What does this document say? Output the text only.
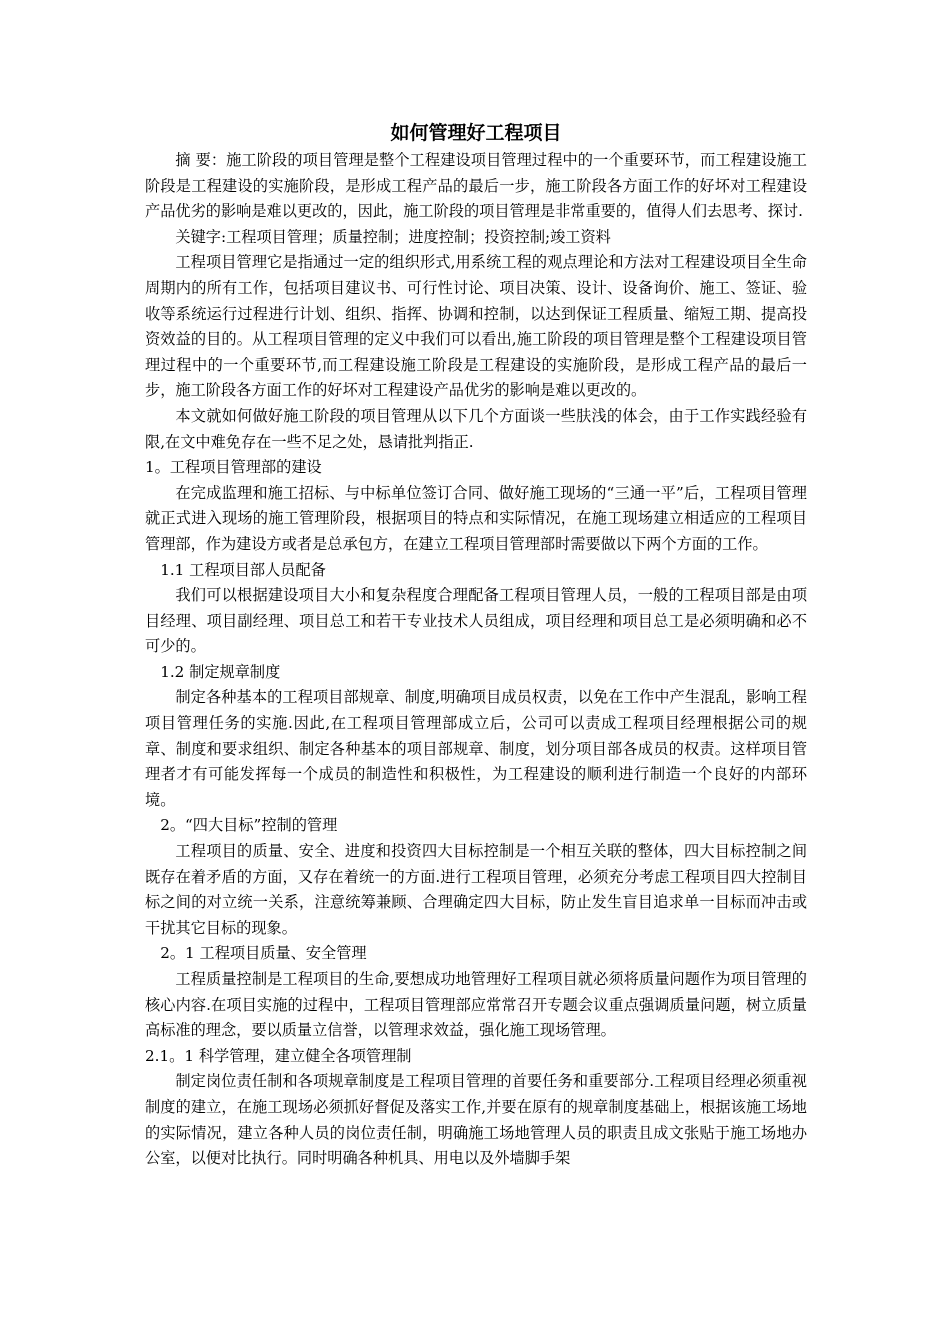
如何管理好工程项目

摘 要：施工阶段的项目管理是整个工程建设项目管理过程中的一个重要环节，而工程建设施工阶段是工程建设的实施阶段，是形成工程产品的最后一步，施工阶段各方面工作的好坏对工程建设产品优劣的影响是难以更改的，因此，施工阶段的项目管理是非常重要的，值得人们去思考、探讨.

关键字:工程项目管理；质量控制；进度控制；投资控制;竣工资料

工程项目管理它是指通过一定的组织形式,用系统工程的观点理论和方法对工程建设项目全生命周期内的所有工作，包括项目建议书、可行性讨论、项目决策、设计、设备询价、施工、签证、验收等系统运行过程进行计划、组织、指挥、协调和控制，以达到保证工程质量、缩短工期、提高投资效益的目的。从工程项目管理的定义中我们可以看出,施工阶段的项目管理是整个工程建设项目管理过程中的一个重要环节,而工程建设施工阶段是工程建设的实施阶段，是形成工程产品的最后一步，施工阶段各方面工作的好坏对工程建设产品优劣的影响是难以更改的。

本文就如何做好施工阶段的项目管理从以下几个方面谈一些肤浅的体会，由于工作实践经验有限,在文中难免存在一些不足之处，恳请批判指正.

1。工程项目管理部的建设

在完成监理和施工招标、与中标单位签订合同、做好施工现场的“三通一平”后，工程项目管理就正式进入现场的施工管理阶段，根据项目的特点和实际情况，在施工现场建立相适应的工程项目管理部，作为建设方或者是总承包方，在建立工程项目管理部时需要做以下两个方面的工作。

1.1 工程项目部人员配备

我们可以根据建设项目大小和复杂程度合理配备工程项目管理人员，一般的工程项目部是由项目经理、项目副经理、项目总工和若干专业技术人员组成，项目经理和项目总工是必须明确和必不可少的。

1.2 制定规章制度

制定各种基本的工程项目部规章、制度,明确项目成员权责，以免在工作中产生混乱，影响工程项目管理任务的实施.因此,在工程项目管理部成立后，公司可以责成工程项目经理根据公司的规章、制度和要求组织、制定各种基本的项目部规章、制度，划分项目部各成员的权责。这样项目管理者才有可能发挥每一个成员的制造性和积极性，为工程建设的顺利进行制造一个良好的内部环境。

2。“四大目标”控制的管理

工程项目的质量、安全、进度和投资四大目标控制是一个相互关联的整体，四大目标控制之间既存在着矛盾的方面，又存在着统一的方面.进行工程项目管理，必须充分考虑工程项目四大控制目标之间的对立统一关系，注意统筹兼顾、合理确定四大目标，防止发生盲目追求单一目标而冲击或干扰其它目标的现象。

2。1 工程项目质量、安全管理

工程质量控制是工程项目的生命,要想成功地管理好工程项目就必须将质量问题作为项目管理的核心内容.在项目实施的过程中，工程项目管理部应常常召开专题会议重点强调质量问题，树立质量高标准的理念，要以质量立信誉，以管理求效益，强化施工现场管理。

2.1。1 科学管理，建立健全各项管理制

制定岗位责任制和各项规章制度是工程项目管理的首要任务和重要部分.工程项目经理必须重视制度的建立，在施工现场必须抓好督促及落实工作,并要在原有的规章制度基础上，根据该施工场地的实际情况，建立各种人员的岗位责任制，明确施工场地管理人员的职责且成文张贴于施工场地办公室，以便对比执行。同时明确各种机具、用电以及外墙脚手架
